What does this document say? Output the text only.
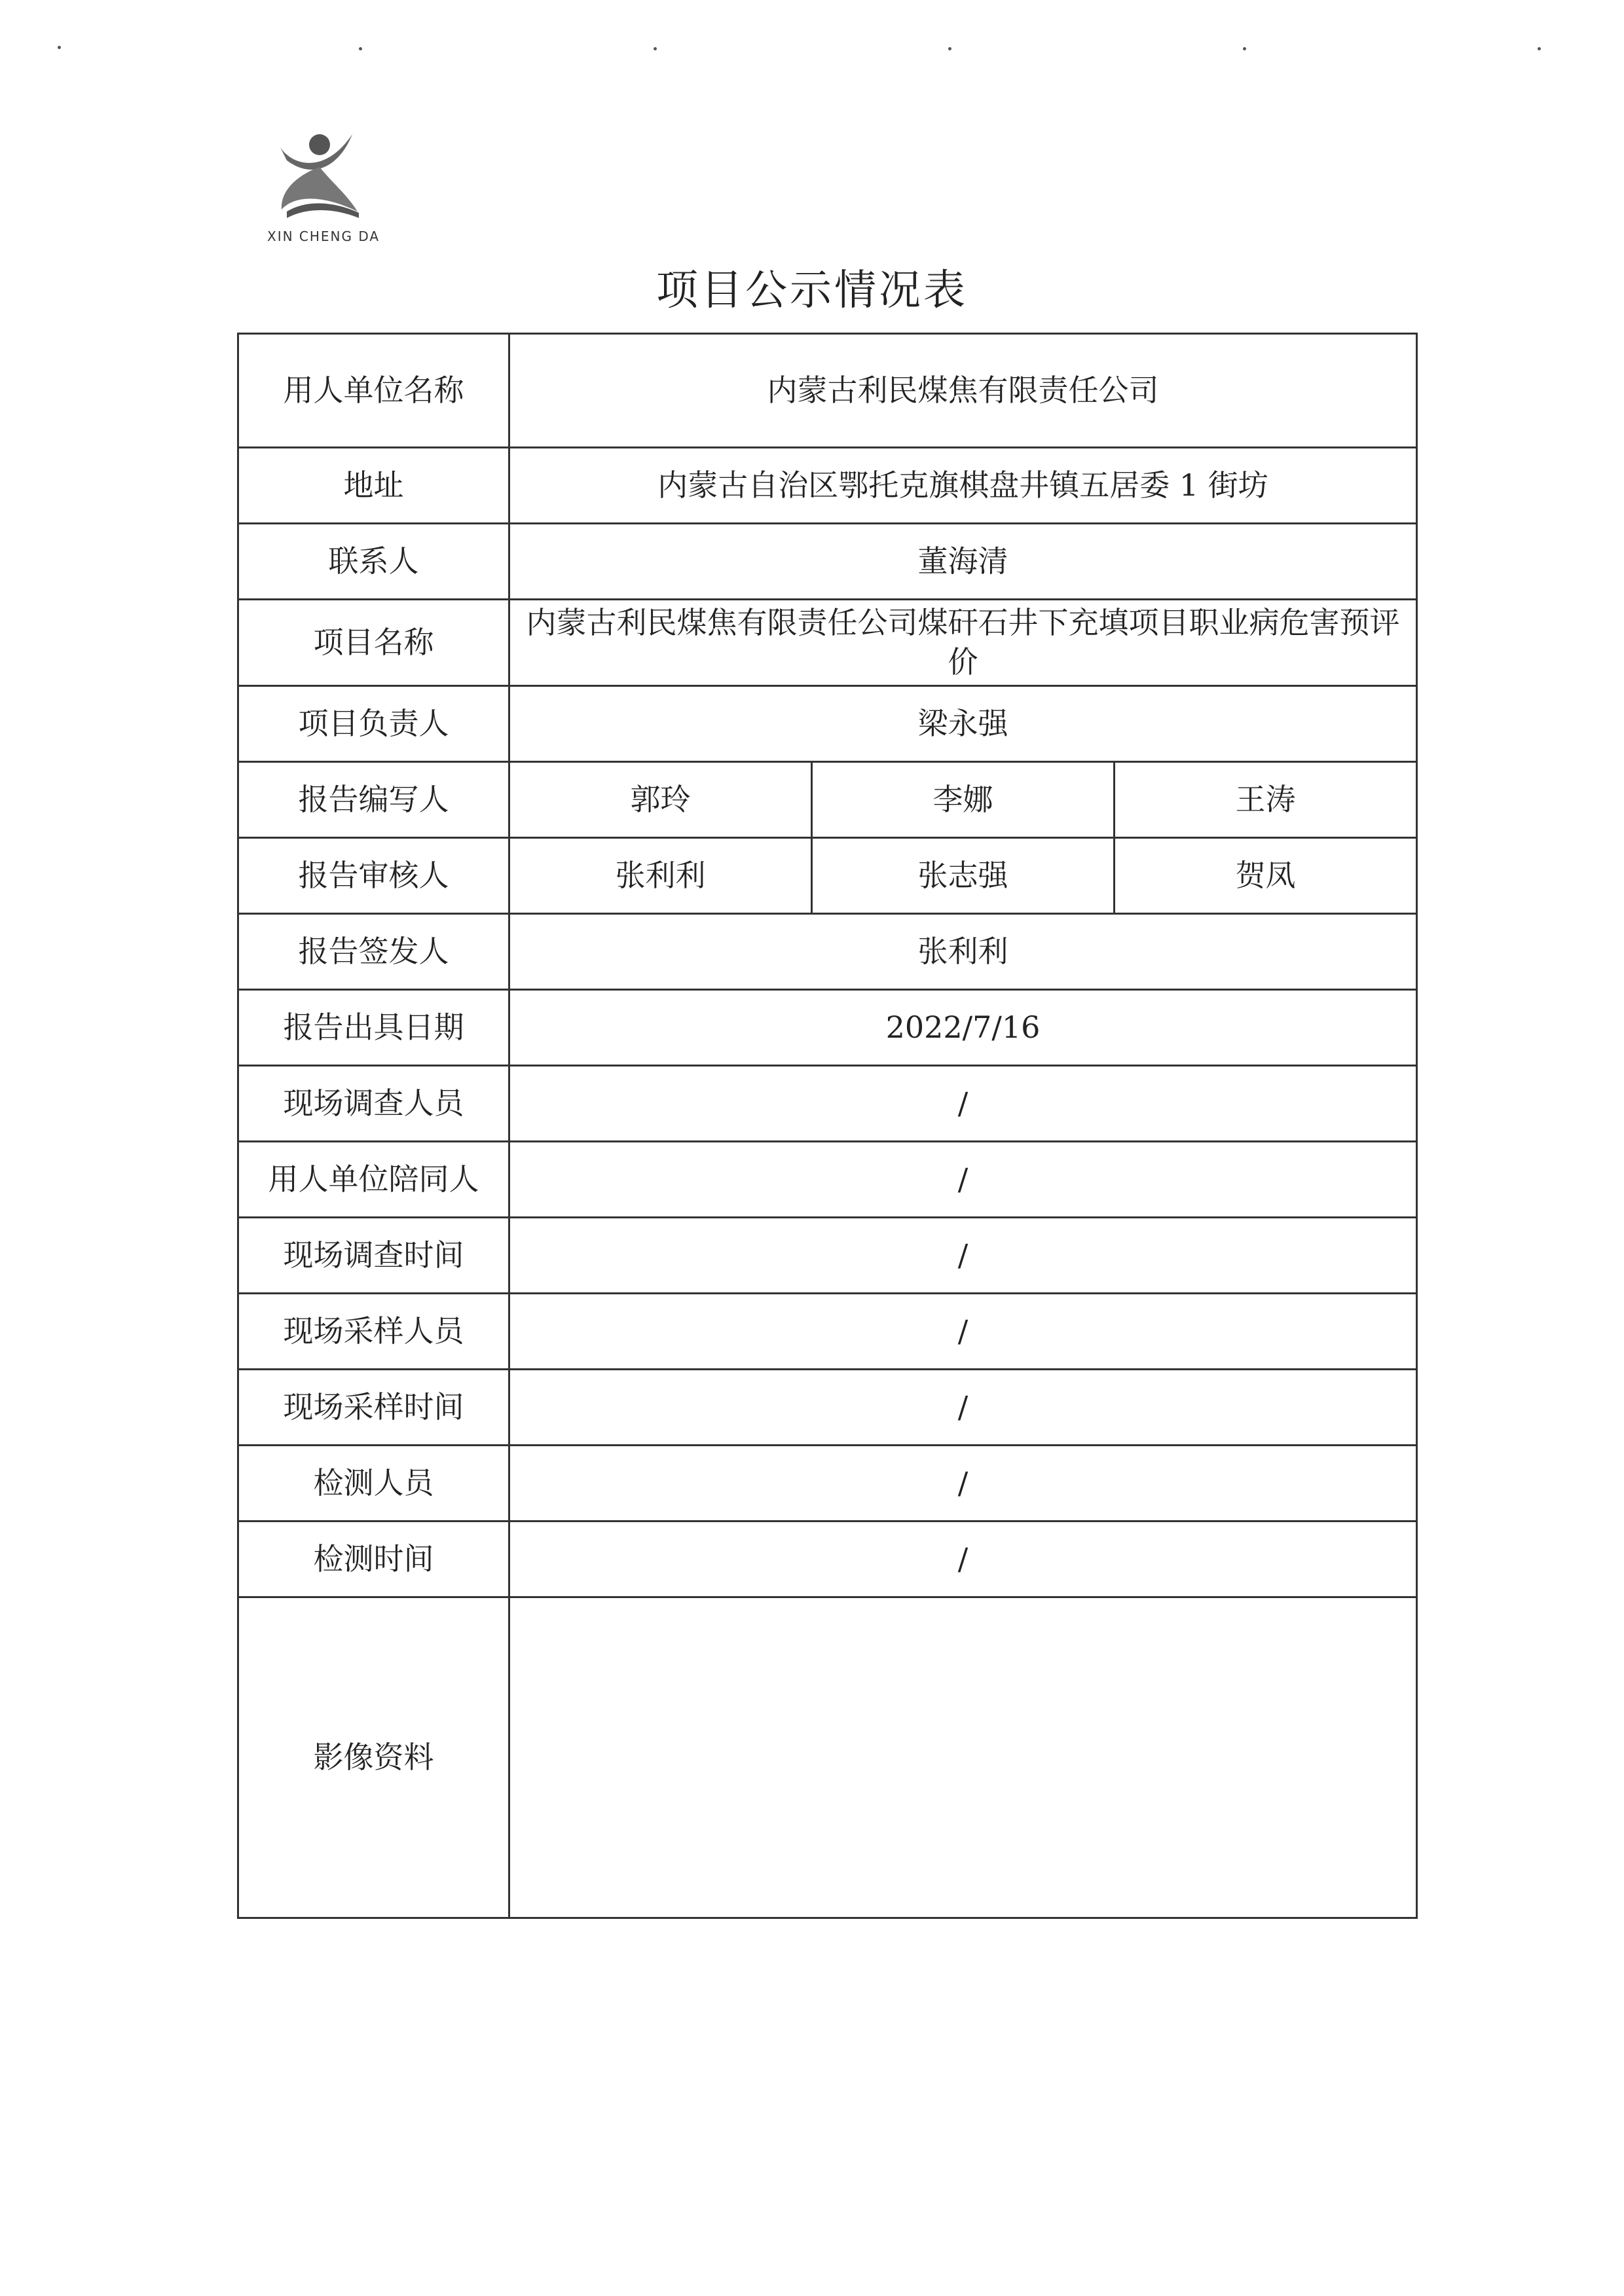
XIN CHENG DA
项目公示情况表
用人单位名称	内蒙古利民煤焦有限责任公司		
地址	内蒙古自治区鄂托克旗棋盘井镇五居委 1 街坊		
联系人	董海清		
项目名称	内蒙古利民煤焦有限责任公司煤矸石井下充填项目职业病危害预评价		
项目负责人	梁永强		
报告编写人	郭玲	李娜	王涛
报告审核人	张利利	张志强	贺凤
报告签发人	张利利		
报告出具日期	2022/7/16		
现场调查人员	/		
用人单位陪同人	/		
现场调查时间	/		
现场采样人员	/		
现场采样时间	/		
检测人员	/		
检测时间	/		
影像资料			
